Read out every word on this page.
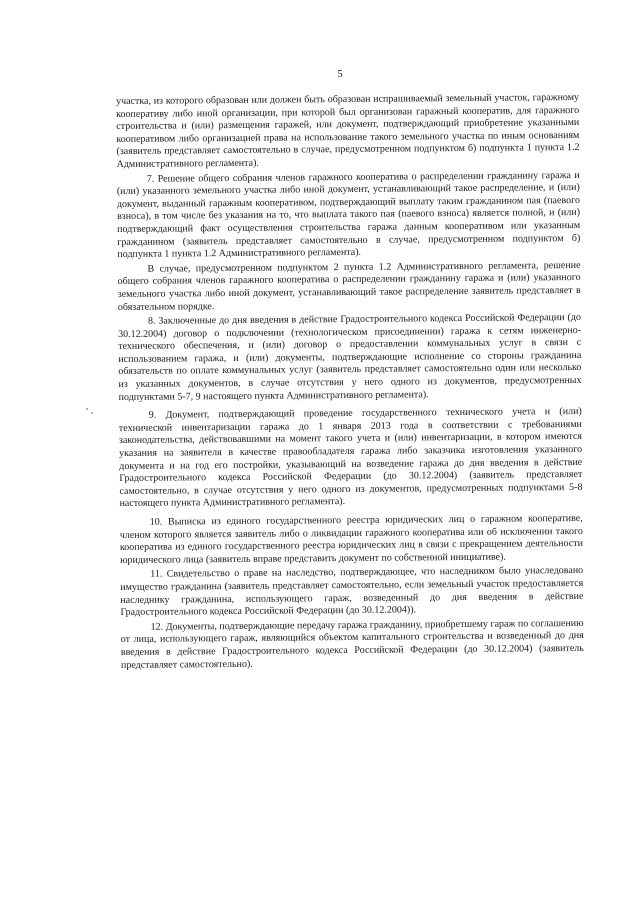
5

участка, из которого образован или должен быть образован испрашиваемый земельный участок, гаражному кооперативу либо иной организации, при которой был организован гаражный кооператив, для гаражного строительства и (или) размещения гаражей, или документ, подтверждающий приобретение указанными кооперативом либо организацией права на использование такого земельного участка по иным основаниям (заявитель представляет самостоятельно в случае, предусмотренном подпунктом б) подпункта 1 пункта 1.2 Административного регламента).

7. Решение общего собрания членов гаражного кооператива о распределении гражданину гаража и (или) указанного земельного участка либо иной документ, устанавливающий такое распределение, и (или) документ, выданный гаражным кооперативом, подтверждающий выплату таким гражданином пая (паевого взноса), в том числе без указания на то, что выплата такого пая (паевого взноса) является полной, и (или) подтверждающий факт осуществления строительства гаража данным кооперативом или указанным гражданином (заявитель представляет самостоятельно в случае, предусмотренном подпунктом б) подпункта 1 пункта 1.2 Административного регламента).

В случае, предусмотренном подпунктом 2 пункта 1.2 Административного регламента, решение общего собрания членов гаражного кооператива о распределении гражданину гаража и (или) указанного земельного участка либо иной документ, устанавливающий такое распределение заявитель представляет в обязательном порядке.

8. Заключенные до дня введения в действие Градостроительного кодекса Российской Федерации (до 30.12.2004) договор о подключении (технологическом присоединении) гаража к сетям инженерно-технического обеспечения, и (или) договор о предоставлении коммунальных услуг в связи с использованием гаража, и (или) документы, подтверждающие исполнение со стороны гражданина обязательств по оплате коммунальных услуг (заявитель представляет самостоятельно один или несколько из указанных документов, в случае отсутствия у него одного из документов, предусмотренных подпунктами 5-7, 9 настоящего пункта Административного регламента).

9. Документ, подтверждающий проведение государственного технического учета и (или) технической инвентаризации гаража до 1 января 2013 года в соответствии с требованиями законодательства, действовавшими на момент такого учета и (или) инвентаризации, в котором имеются указания на заявителя в качестве правообладателя гаража либо заказчика изготовления указанного документа и на год его постройки, указывающий на возведение гаража до дня введения в действие Градостроительного кодекса Российской Федерации (до 30.12.2004) (заявитель представляет самостоятельно, в случае отсутствия у него одного из документов, предусмотренных подпунктами 5-8 настоящего пункта Административного регламента).

10. Выписка из единого государственного реестра юридических лиц о гаражном кооперативе, членом которого является заявитель либо о ликвидации гаражного кооператива или об исключении такого кооператива из единого государственного реестра юридических лиц в связи с прекращением деятельности юридического лица (заявитель вправе представить документ по собственной инициативе).

11. Свидетельство о праве на наследство, подтверждающее, что наследником было унаследовано имущество гражданина (заявитель представляет самостоятельно, если земельный участок предоставляется наследнику гражданина, использующего гараж, возведенный до дня введения в действие Градостроительного кодекса Российской Федерации (до 30.12.2004)).

12. Документы, подтверждающие передачу гаража гражданину, приобретшему гараж по соглашению от лица, использующего гараж, являющийся объектом капитального строительства и возведенный до дня введения в действие Градостроительного кодекса Российской Федерации (до 30.12.2004) (заявитель представляет самостоятельно).
